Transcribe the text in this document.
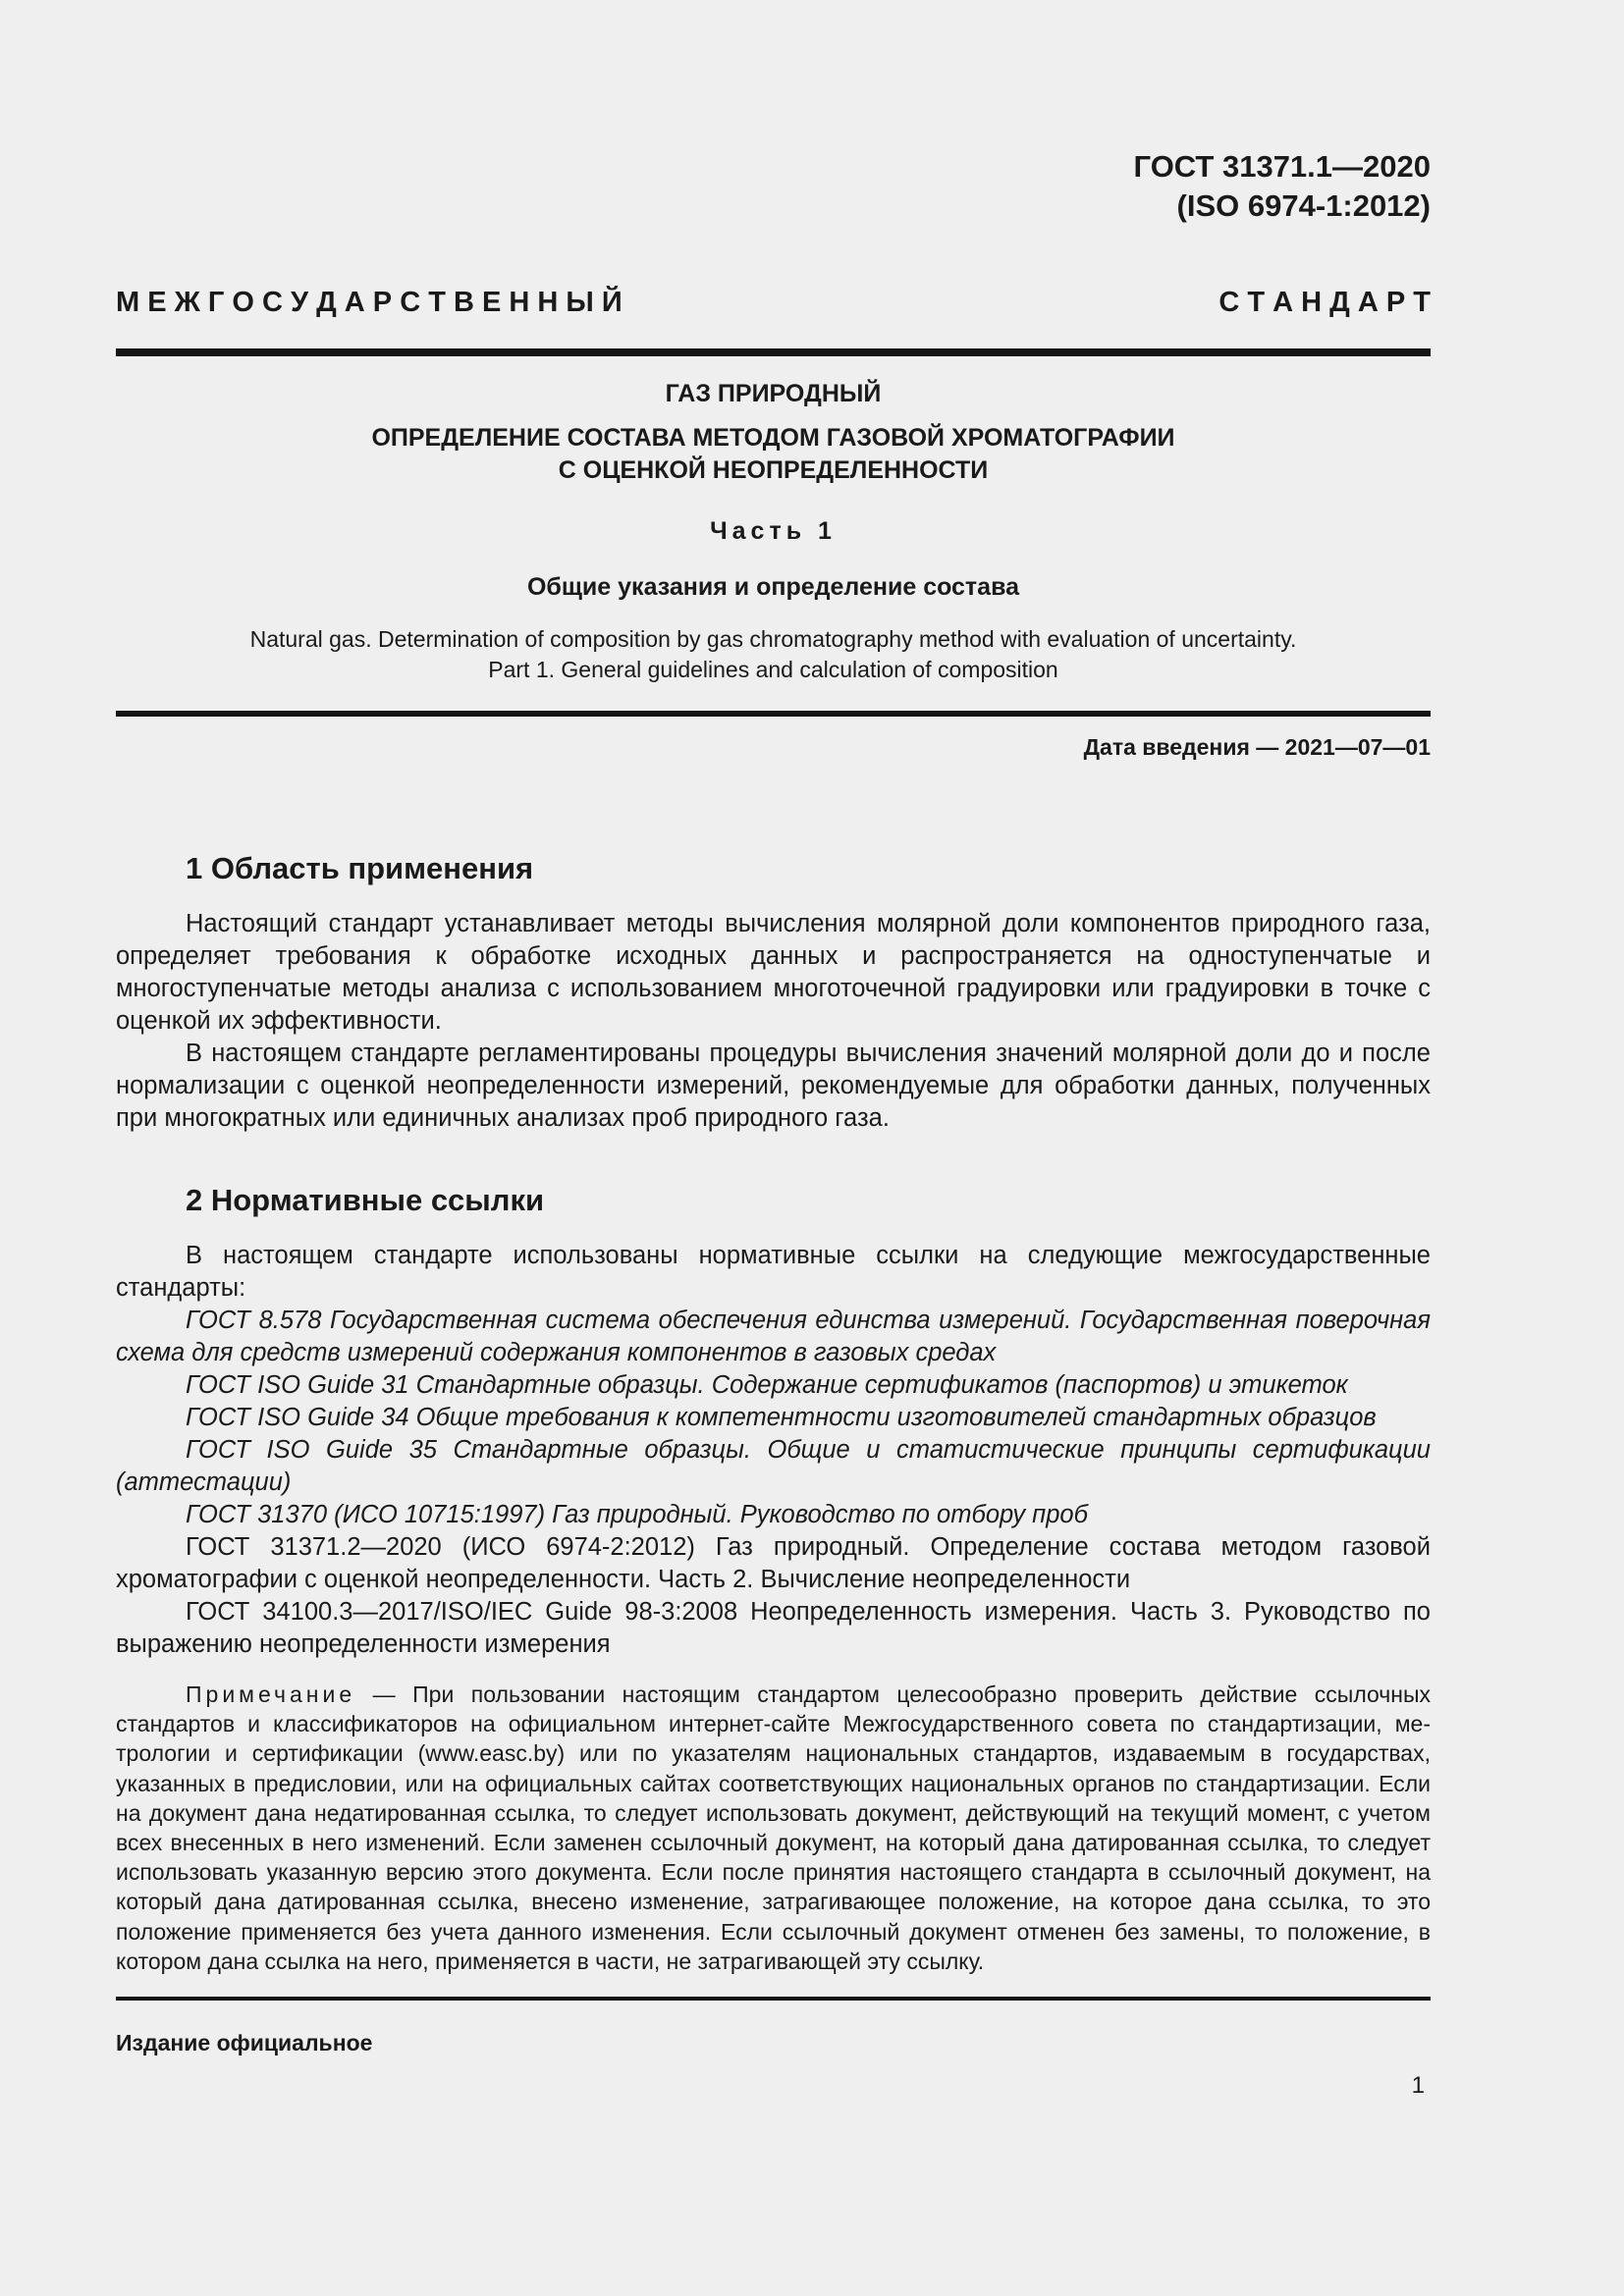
ГОСТ 31371.1—2020
(ISO 6974-1:2012)
М Е Ж Г О С У Д А Р С Т В Е Н Н Ы Й	С Т А Н Д А Р Т
ГАЗ ПРИРОДНЫЙ
ОПРЕДЕЛЕНИЕ СОСТАВА МЕТОДОМ ГАЗОВОЙ ХРОМАТОГРАФИИ
С ОЦЕНКОЙ НЕОПРЕДЕЛЕННОСТИ
Часть 1
Общие указания и определение состава
Natural gas. Determination of composition by gas chromatography method with evaluation of uncertainty.
Part 1. General guidelines and calculation of composition
Дата введения — 2021—07—01
1 Область применения

Настоящий стандарт устанавливает методы вычисления молярной доли компонентов природного газа, определяет требования к обработке исходных данных и распространяется на одноступенчатые и многоступенчатые методы анализа с использованием многоточечной градуировки или градуировки в точке с оценкой их эффективности.

В настоящем стандарте регламентированы процедуры вычисления значений молярной доли до и после нормализации с оценкой неопределенности измерений, рекомендуемые для обработки данных, полученных при многократных или единичных анализах проб природного газа.

2 Нормативные ссылки

В настоящем стандарте использованы нормативные ссылки на следующие межгосударственные стандарты:

ГОСТ 8.578 Государственная система обеспечения единства измерений. Государственная поверочная схема для средств измерений содержания компонентов в газовых средах

ГОСТ ISO Guide 31 Стандартные образцы. Содержание сертификатов (паспортов) и этикеток

ГОСТ ISO Guide 34 Общие требования к компетентности изготовителей стандартных образцов

ГОСТ ISO Guide 35 Стандартные образцы. Общие и статистические принципы сертификации (аттестации)

ГОСТ 31370 (ИСО 10715:1997) Газ природный. Руководство по отбору проб

ГОСТ 31371.2—2020 (ИСО 6974-2:2012) Газ природный. Определение состава методом газовой хроматографии с оценкой неопределенности. Часть 2. Вычисление неопределенности

ГОСТ 34100.3—2017/ISO/IEC Guide 98-3:2008 Неопределенность измерения. Часть 3. Руководство по выражению неопределенности измерения

Примечание — При пользовании настоящим стандартом целесообразно проверить действие ссылочных стандартов и классификаторов на официальном интернет-сайте Межгосударственного совета по стандартизации, метрологии и сертификации (www.easc.by) или по указателям национальных стандартов, издаваемым в государствах, указанных в предисловии, или на официальных сайтах соответствующих национальных органов по стандартизации. Если на документ дана недатированная ссылка, то следует использовать документ, действующий на текущий момент, с учетом всех внесенных в него изменений. Если заменен ссылочный документ, на который дана датированная ссылка, то следует использовать указанную версию этого документа. Если после принятия настоящего стандарта в ссылочный документ, на который дана датированная ссылка, внесено изменение, затрагивающее положение, на которое дана ссылка, то это положение применяется без учета данного изменения. Если ссылочный документ отменен без замены, то положение, в котором дана ссылка на него, применяется в части, не затрагивающей эту ссылку.

Издание официальное
1
